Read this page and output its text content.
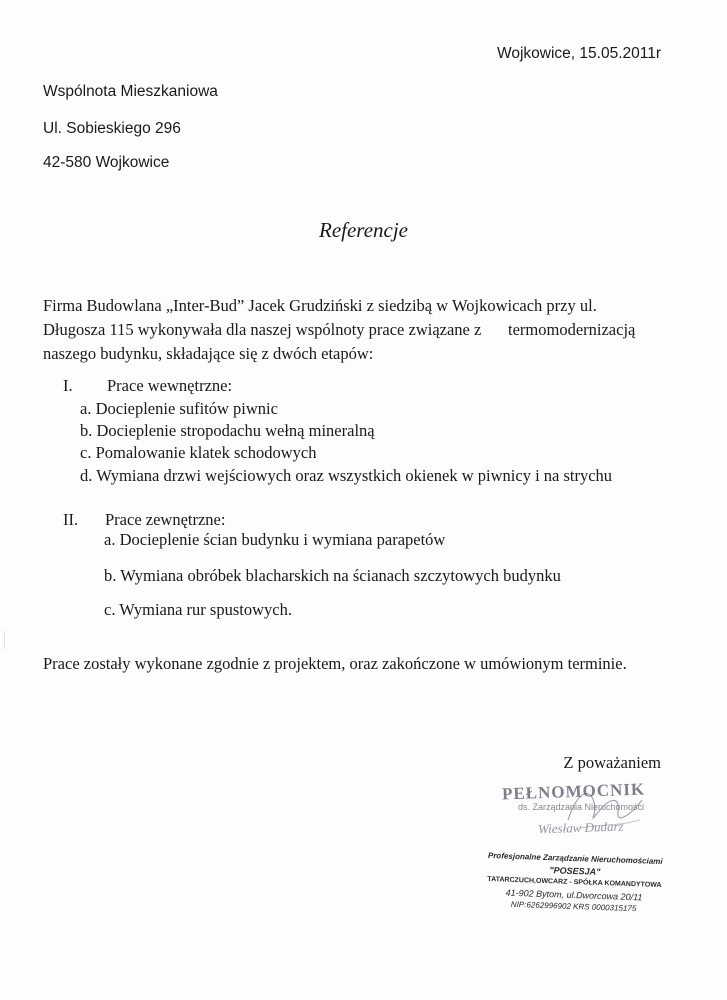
Wojkowice, 15.05.2011r
Wspólnota Mieszkaniowa
Ul. Sobieskiego 296
42-580 Wojkowice
Referencje
Firma Budowlana „Inter-Bud” Jacek Grudziński z siedzibą w Wojkowicach przy ul.
Długosza 115 wykonywała dla naszej wspólnoty prace związane z termomodernizacją
naszego budynku, składające się z dwóch etapów:
I. Prace wewnętrzne:
a. Docieplenie sufitów piwnic
b. Docieplenie stropodachu wełną mineralną
c. Pomalowanie klatek schodowych
d. Wymiana drzwi wejściowych oraz wszystkich okienek w piwnicy i na strychu
II. Prace zewnętrzne:
a. Docieplenie ścian budynku i wymiana parapetów
b. Wymiana obróbek blacharskich na ścianach szczytowych budynku
c. Wymiana rur spustowych.
Prace zostały wykonane zgodnie z projektem, oraz zakończone w umówionym terminie.
Z poważaniem
PEŁNOMOCNIK
ds. Zarządzania Nieruchomości
Wiesław Dudarz
Profesjonalne Zarządzanie Nieruchomościami
"POSESJA"
TATARCZUCH,OWCARZ - SPÓŁKA KOMANDYTOWA
41-902 Bytom, ul.Dworcowa 20/11
NIP:6262996902 KRS 0000315175
